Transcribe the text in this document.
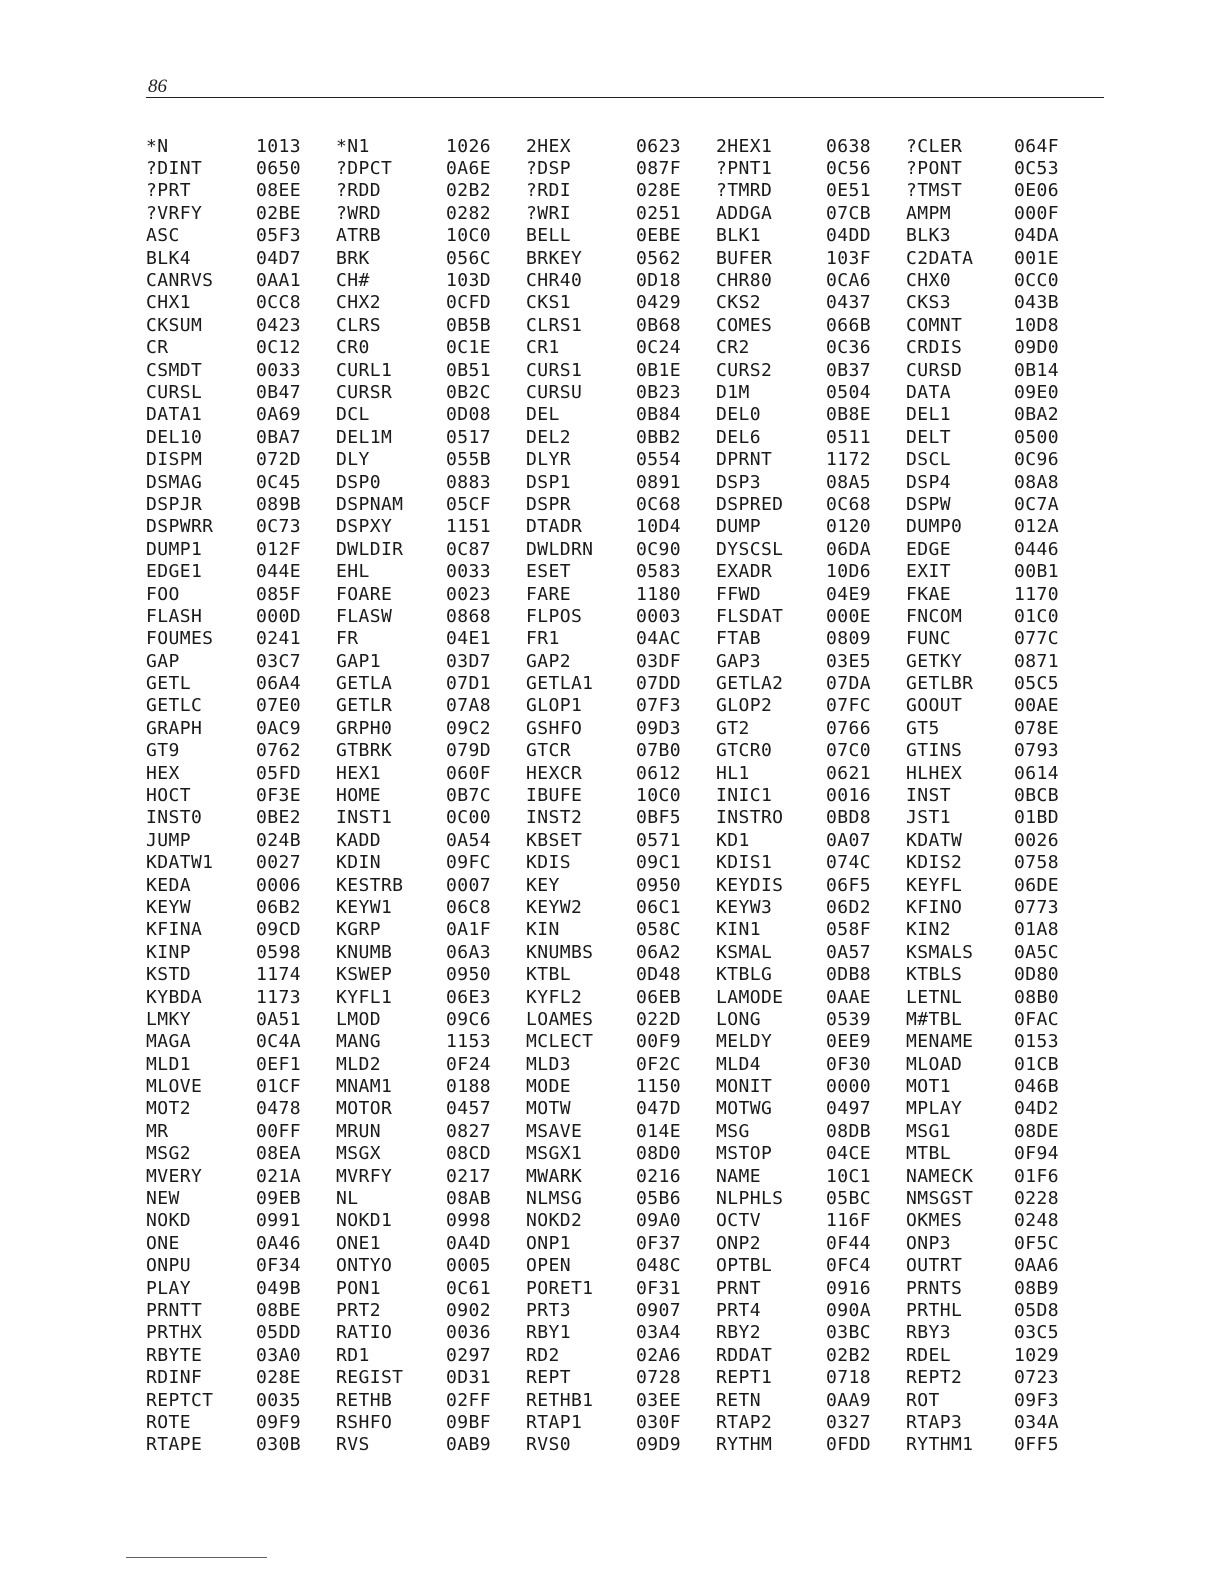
86
*N	1013	*N1	1026	2HEX	0623	2HEX1	0638	?CLER	064F
?DINT	0650	?DPCT	0A6E	?DSP	087F	?PNT1	0C56	?PONT	0C53
?PRT	08EE	?RDD	02B2	?RDI	028E	?TMRD	0E51	?TMST	0E06
?VRFY	02BE	?WRD	0282	?WRI	0251	ADDGA	07CB	AMPM	000F
ASC	05F3	ATRB	10C0	BELL	0EBE	BLK1	04DD	BLK3	04DA
BLK4	04D7	BRK	056C	BRKEY	0562	BUFER	103F	C2DATA	001E
CANRVS	0AA1	CH#	103D	CHR40	0D18	CHR80	0CA6	CHX0	0CC0
CHX1	0CC8	CHX2	0CFD	CKS1	0429	CKS2	0437	CKS3	043B
CKSUM	0423	CLRS	0B5B	CLRS1	0B68	COMES	066B	COMNT	10D8
CR	0C12	CR0	0C1E	CR1	0C24	CR2	0C36	CRDIS	09D0
CSMDT	0033	CURL1	0B51	CURS1	0B1E	CURS2	0B37	CURSD	0B14
CURSL	0B47	CURSR	0B2C	CURSU	0B23	D1M	0504	DATA	09E0
DATA1	0A69	DCL	0D08	DEL	0B84	DEL0	0B8E	DEL1	0BA2
DEL10	0BA7	DEL1M	0517	DEL2	0BB2	DEL6	0511	DELT	0500
DISPM	072D	DLY	055B	DLYR	0554	DPRNT	1172	DSCL	0C96
DSMAG	0C45	DSP0	0883	DSP1	0891	DSP3	08A5	DSP4	08A8
DSPJR	089B	DSPNAM	05CF	DSPR	0C68	DSPRED	0C68	DSPW	0C7A
DSPWRR	0C73	DSPXY	1151	DTADR	10D4	DUMP	0120	DUMP0	012A
DUMP1	012F	DWLDIR	0C87	DWLDRN	0C90	DYSCSL	06DA	EDGE	0446
EDGE1	044E	EHL	0033	ESET	0583	EXADR	10D6	EXIT	00B1
FOO	085F	FOARE	0023	FARE	1180	FFWD	04E9	FKAE	1170
FLASH	000D	FLASW	0868	FLPOS	0003	FLSDAT	000E	FNCOM	01C0
FOUMES	0241	FR	04E1	FR1	04AC	FTAB	0809	FUNC	077C
GAP	03C7	GAP1	03D7	GAP2	03DF	GAP3	03E5	GETKY	0871
GETL	06A4	GETLA	07D1	GETLA1	07DD	GETLA2	07DA	GETLBR	05C5
GETLC	07E0	GETLR	07A8	GLOP1	07F3	GLOP2	07FC	GOOUT	00AE
GRAPH	0AC9	GRPH0	09C2	GSHFO	09D3	GT2	0766	GT5	078E
GT9	0762	GTBRK	079D	GTCR	07B0	GTCR0	07C0	GTINS	0793
HEX	05FD	HEX1	060F	HEXCR	0612	HL1	0621	HLHEX	0614
HOCT	0F3E	HOME	0B7C	IBUFE	10C0	INIC1	0016	INST	0BCB
INST0	0BE2	INST1	0C00	INST2	0BF5	INSTRO	0BD8	JST1	01BD
JUMP	024B	KADD	0A54	KBSET	0571	KD1	0A07	KDATW	0026
KDATW1	0027	KDIN	09FC	KDIS	09C1	KDIS1	074C	KDIS2	0758
KEDA	0006	KESTRB	0007	KEY	0950	KEYDIS	06F5	KEYFL	06DE
KEYW	06B2	KEYW1	06C8	KEYW2	06C1	KEYW3	06D2	KFINO	0773
KFINA	09CD	KGRP	0A1F	KIN	058C	KIN1	058F	KIN2	01A8
KINP	0598	KNUMB	06A3	KNUMBS	06A2	KSMAL	0A57	KSMALS	0A5C
KSTD	1174	KSWEP	0950	KTBL	0D48	KTBLG	0DB8	KTBLS	0D80
KYBDA	1173	KYFL1	06E3	KYFL2	06EB	LAMODE	0AAE	LETNL	08B0
LMKY	0A51	LMOD	09C6	LOAMES	022D	LONG	0539	M#TBL	0FAC
MAGA	0C4A	MANG	1153	MCLECT	00F9	MELDY	0EE9	MENAME	0153
MLD1	0EF1	MLD2	0F24	MLD3	0F2C	MLD4	0F30	MLOAD	01CB
MLOVE	01CF	MNAM1	0188	MODE	1150	MONIT	0000	MOT1	046B
MOT2	0478	MOTOR	0457	MOTW	047D	MOTWG	0497	MPLAY	04D2
MR	00FF	MRUN	0827	MSAVE	014E	MSG	08DB	MSG1	08DE
MSG2	08EA	MSGX	08CD	MSGX1	08D0	MSTOP	04CE	MTBL	0F94
MVERY	021A	MVRFY	0217	MWARK	0216	NAME	10C1	NAMECK	01F6
NEW	09EB	NL	08AB	NLMSG	05B6	NLPHLS	05BC	NMSGST	0228
NOKD	0991	NOKD1	0998	NOKD2	09A0	OCTV	116F	OKMES	0248
ONE	0A46	ONE1	0A4D	ONP1	0F37	ONP2	0F44	ONP3	0F5C
ONPU	0F34	ONTYO	0005	OPEN	048C	OPTBL	0FC4	OUTRT	0AA6
PLAY	049B	PON1	0C61	PORET1	0F31	PRNT	0916	PRNTS	08B9
PRNTT	08BE	PRT2	0902	PRT3	0907	PRT4	090A	PRTHL	05D8
PRTHX	05DD	RATIO	0036	RBY1	03A4	RBY2	03BC	RBY3	03C5
RBYTE	03A0	RD1	0297	RD2	02A6	RDDAT	02B2	RDEL	1029
RDINF	028E	REGIST	0D31	REPT	0728	REPT1	0718	REPT2	0723
REPTCT	0035	RETHB	02FF	RETHB1	03EE	RETN	0AA9	ROT	09F3
ROTE	09F9	RSHFO	09BF	RTAP1	030F	RTAP2	0327	RTAP3	034A
RTAPE	030B	RVS	0AB9	RVS0	09D9	RYTHM	0FDD	RYTHM1	0FF5
